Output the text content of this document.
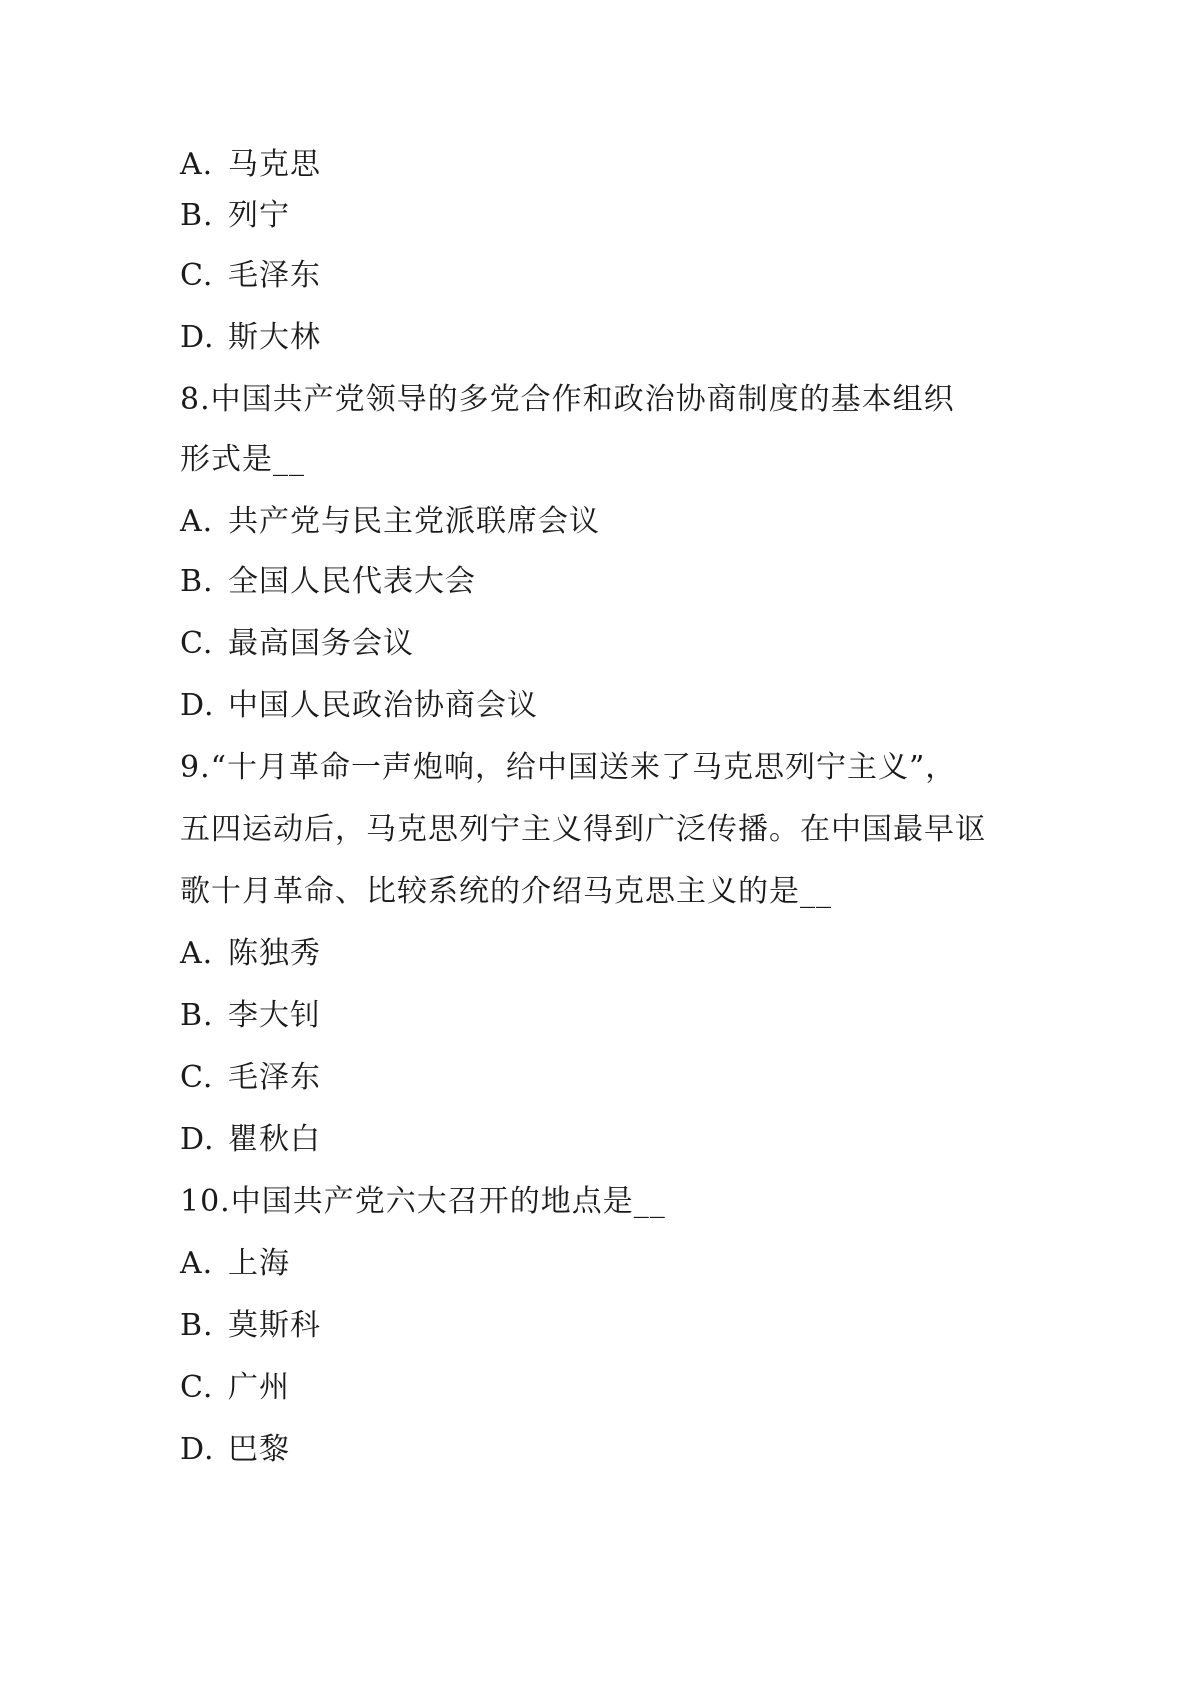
A. 马克思
B. 列宁
C. 毛泽东
D. 斯大林
8.中国共产党领导的多党合作和政治协商制度的基本组织
形式是__
A. 共产党与民主党派联席会议
B. 全国人民代表大会
C. 最高国务会议
D. 中国人民政治协商会议
9.“十月革命一声炮响，给中国送来了马克思列宁主义”，
五四运动后，马克思列宁主义得到广泛传播。在中国最早讴
歌十月革命、比较系统的介绍马克思主义的是__
A. 陈独秀
B. 李大钊
C. 毛泽东
D. 瞿秋白
10.中国共产党六大召开的地点是__
A. 上海
B. 莫斯科
C. 广州
D. 巴黎
